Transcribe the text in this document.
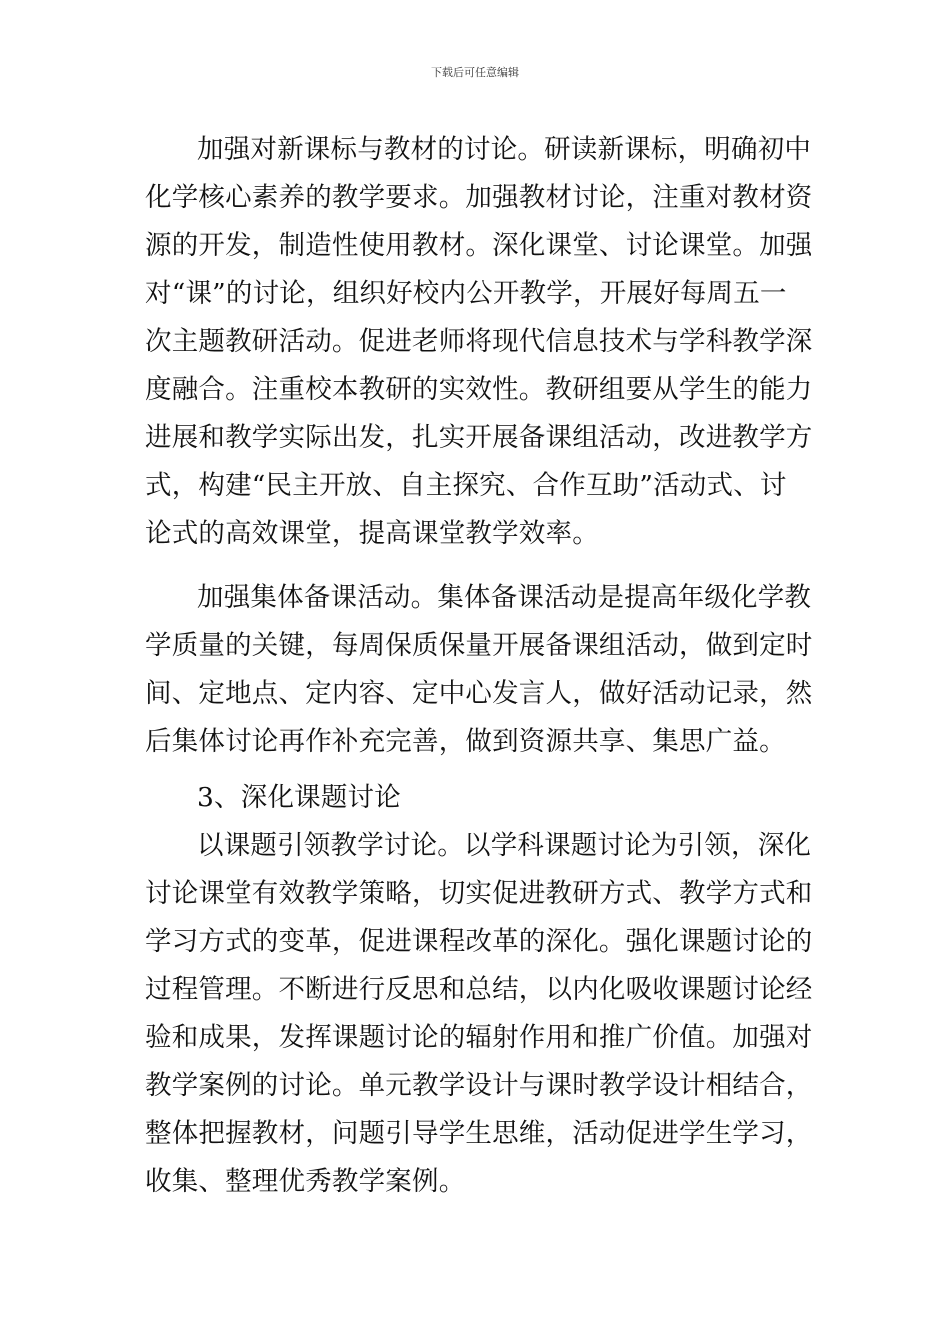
下载后可任意编辑
加强对新课标与教材的讨论。研读新课标，明确初中
化学核心素养的教学要求。加强教材讨论，注重对教材资
源的开发，制造性使用教材。深化课堂、讨论课堂。加强
对“课”的讨论，组织好校内公开教学，开展好每周五一
次主题教研活动。促进老师将现代信息技术与学科教学深
度融合。注重校本教研的实效性。教研组要从学生的能力
进展和教学实际出发，扎实开展备课组活动，改进教学方
式，构建“民主开放、自主探究、合作互助”活动式、讨
论式的高效课堂，提高课堂教学效率。
加强集体备课活动。集体备课活动是提高年级化学教
学质量的关键，每周保质保量开展备课组活动，做到定时
间、定地点、定内容、定中心发言人，做好活动记录，然
后集体讨论再作补充完善，做到资源共享、集思广益。
3、深化课题讨论
以课题引领教学讨论。以学科课题讨论为引领，深化
讨论课堂有效教学策略，切实促进教研方式、教学方式和
学习方式的变革，促进课程改革的深化。强化课题讨论的
过程管理。不断进行反思和总结，以内化吸收课题讨论经
验和成果，发挥课题讨论的辐射作用和推广价值。加强对
教学案例的讨论。单元教学设计与课时教学设计相结合，
整体把握教材，问题引导学生思维，活动促进学生学习，
收集、整理优秀教学案例。
